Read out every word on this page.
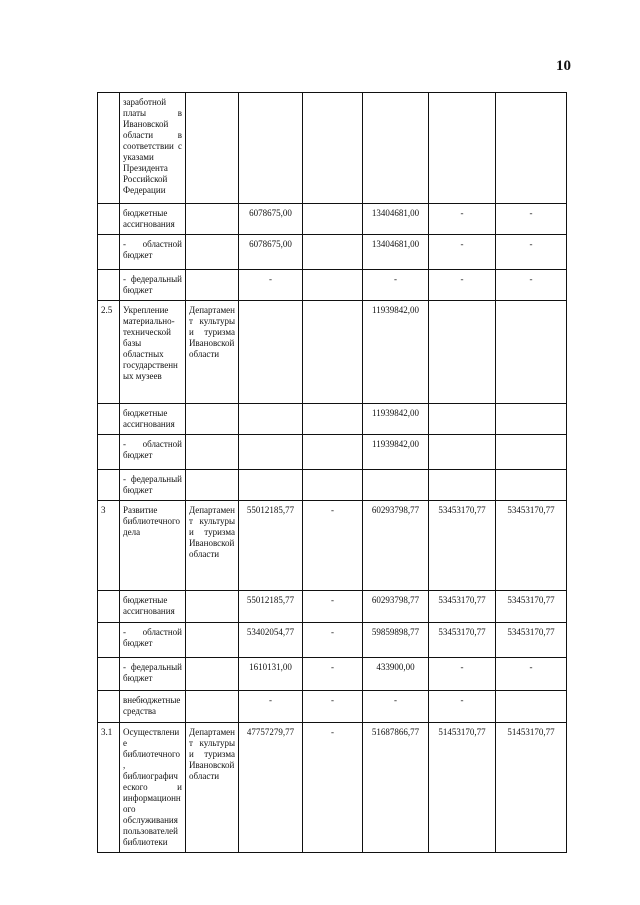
10
	заработной платы в Ивановской области в соответствии с указами Президента Российской Федерации						
	бюджетные ассигнования		6078675,00		13404681,00	-	-
	- областной бюджет		6078675,00		13404681,00	-	-
	- федеральный бюджет		-		-	-	-
2.5	Укрепление материально-технической базы областных государственных музеев	Департамент культуры и туризма Ивановской области			11939842,00		
	бюджетные ассигнования				11939842,00		
	- областной бюджет				11939842,00		
	- федеральный бюджет						
3	Развитие библиотечного дела	Департамент культуры и туризма Ивановской области	55012185,77	-	60293798,77	53453170,77	53453170,77
	бюджетные ассигнования		55012185,77	-	60293798,77	53453170,77	53453170,77
	- областной бюджет		53402054,77	-	59859898,77	53453170,77	53453170,77
	- федеральный бюджет		1610131,00	-	433900,00	-	-
	внебюджетные средства		-	-	-	-	
3.1	Осуществление библиотечного, библиографического и информационного обслуживания пользователей библиотеки	Департамент культуры и туризма Ивановской области	47757279,77	-	51687866,77	51453170,77	51453170,77
